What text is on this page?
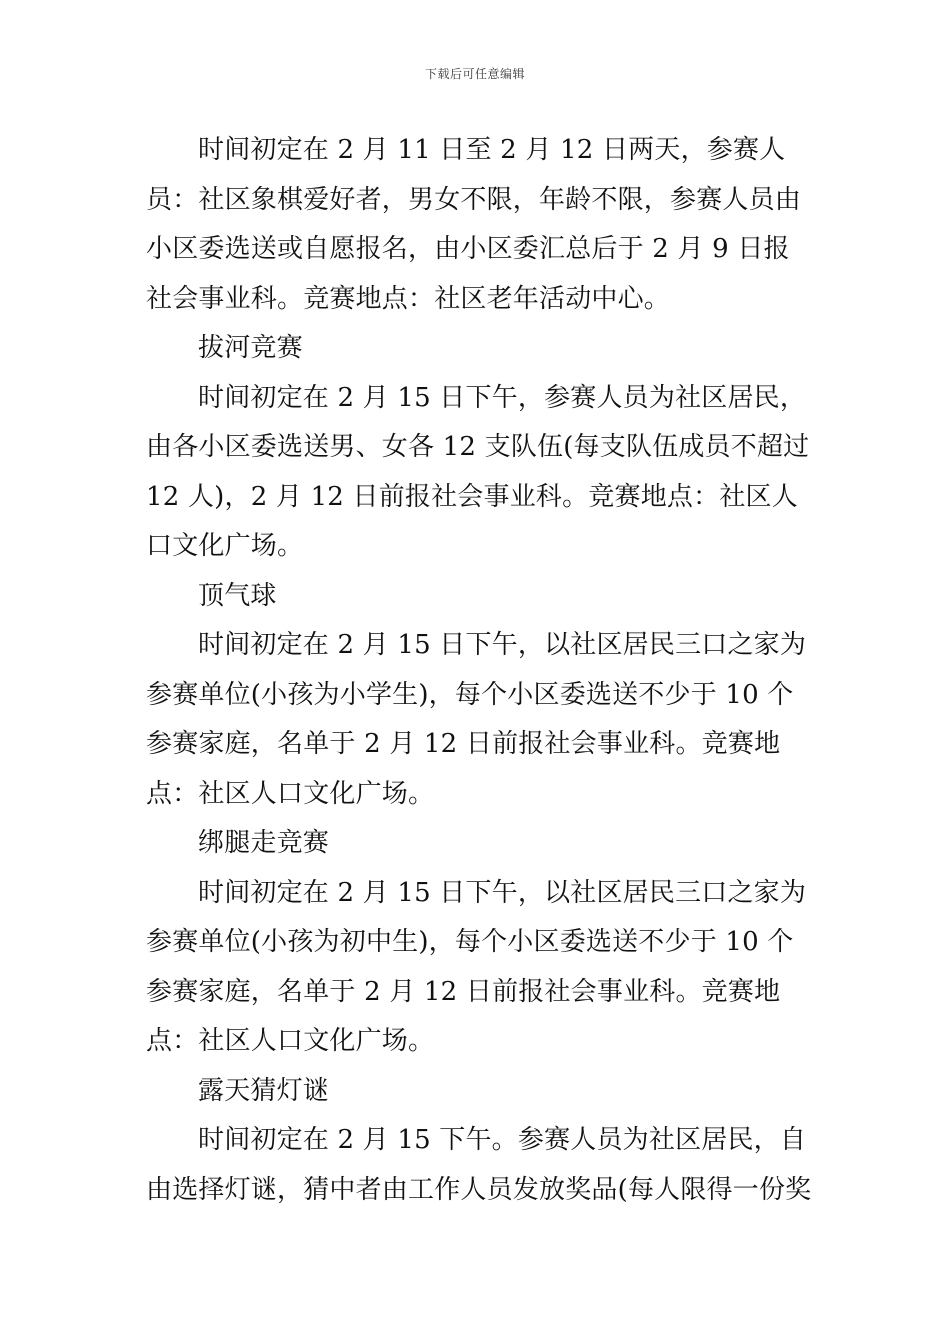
下载后可任意编辑

时间初定在 2 月 11 日至 2 月 12 日两天，参赛人员：社区象棋爱好者，男女不限，年龄不限，参赛人员由小区委选送或自愿报名，由小区委汇总后于 2 月 9 日报社会事业科。竞赛地点：社区老年活动中心。

拔河竞赛

时间初定在 2 月 15 日下午，参赛人员为社区居民，由各小区委选送男、女各 12 支队伍(每支队伍成员不超过 12 人)，2 月 12 日前报社会事业科。竞赛地点：社区人口文化广场。

顶气球

时间初定在 2 月 15 日下午，以社区居民三口之家为参赛单位(小孩为小学生)，每个小区委选送不少于 10 个参赛家庭，名单于 2 月 12 日前报社会事业科。竞赛地点：社区人口文化广场。

绑腿走竞赛

时间初定在 2 月 15 日下午，以社区居民三口之家为参赛单位(小孩为初中生)，每个小区委选送不少于 10 个参赛家庭，名单于 2 月 12 日前报社会事业科。竞赛地点：社区人口文化广场。

露天猜灯谜

时间初定在 2 月 15 下午。参赛人员为社区居民，自由选择灯谜，猜中者由工作人员发放奖品(每人限得一份奖
